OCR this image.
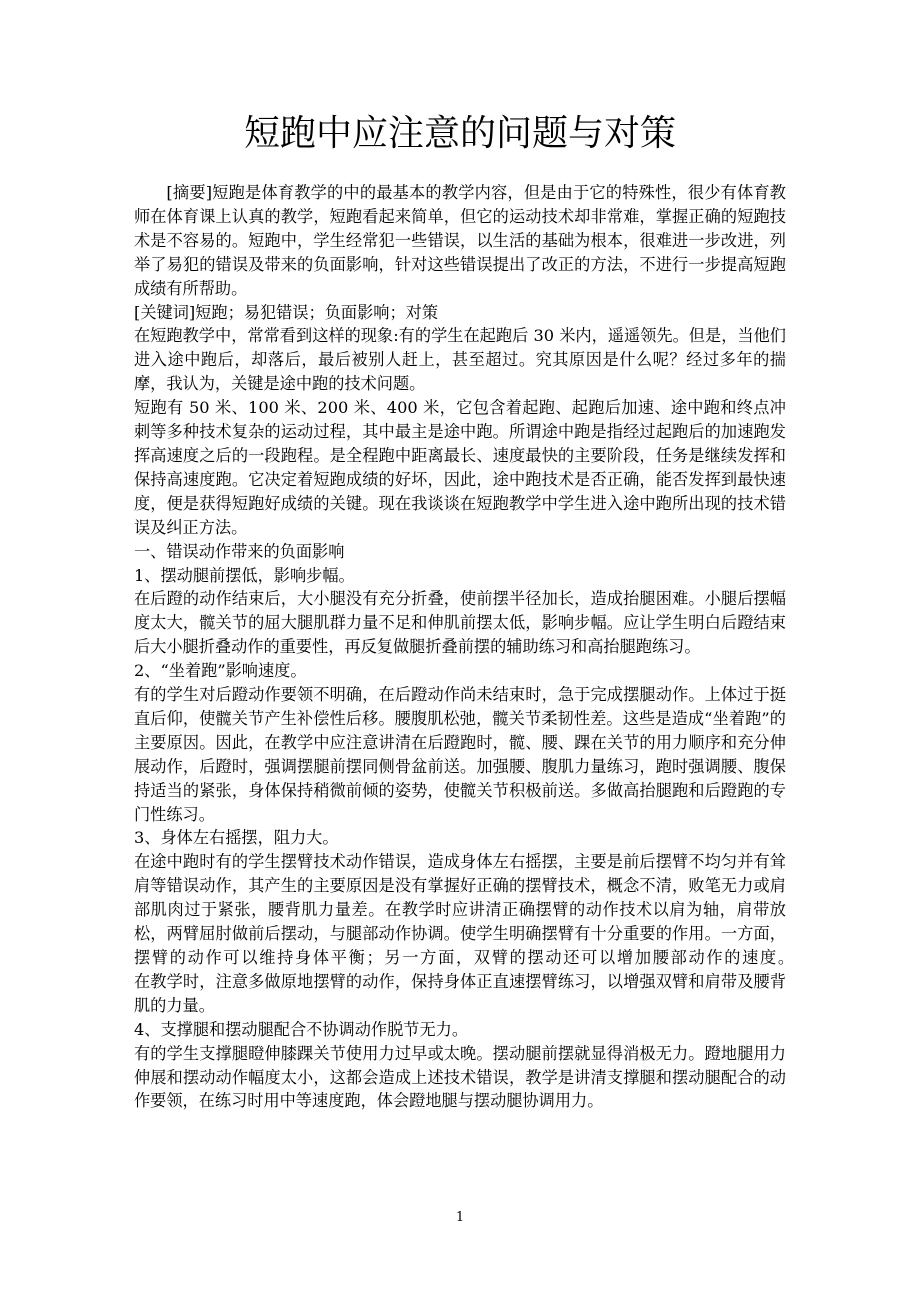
短跑中应注意的问题与对策

[摘要]短跑是体育教学的中的最基本的教学内容，但是由于它的特殊性，很少有体育教师在体育课上认真的教学，短跑看起来简单，但它的运动技术却非常难，掌握正确的短跑技术是不容易的。短跑中，学生经常犯一些错误，以生活的基础为根本，很难进一步改进，列举了易犯的错误及带来的负面影响，针对这些错误提出了改正的方法，不进行一步提高短跑成绩有所帮助。

[关键词]短跑；易犯错误；负面影响；对策

在短跑教学中，常常看到这样的现象:有的学生在起跑后 30 米内，遥遥领先。但是，当他们进入途中跑后，却落后，最后被别人赶上，甚至超过。究其原因是什么呢？经过多年的揣摩，我认为，关键是途中跑的技术问题。

短跑有 50 米、100 米、200 米、400 米，它包含着起跑、起跑后加速、途中跑和终点冲刺等多种技术复杂的运动过程，其中最主是途中跑。所谓途中跑是指经过起跑后的加速跑发挥高速度之后的一段跑程。是全程跑中距离最长、速度最快的主要阶段，任务是继续发挥和保持高速度跑。它决定着短跑成绩的好坏，因此，途中跑技术是否正确，能否发挥到最快速度，便是获得短跑好成绩的关键。现在我谈谈在短跑教学中学生进入途中跑所出现的技术错误及纠正方法。

一、错误动作带来的负面影响

1、摆动腿前摆低，影响步幅。

在后蹬的动作结束后，大小腿没有充分折叠，使前摆半径加长，造成抬腿困难。小腿后摆幅度太大，髋关节的屈大腿肌群力量不足和伸肌前摆太低，影响步幅。应让学生明白后蹬结束后大小腿折叠动作的重要性，再反复做腿折叠前摆的辅助练习和高抬腿跑练习。

2、“坐着跑”影响速度。

有的学生对后蹬动作要领不明确，在后蹬动作尚未结束时，急于完成摆腿动作。上体过于挺直后仰，使髋关节产生补偿性后移。腰腹肌松弛，髋关节柔韧性差。这些是造成“坐着跑”的主要原因。因此，在教学中应注意讲清在后蹬跑时，髋、腰、踝在关节的用力顺序和充分伸展动作，后蹬时，强调摆腿前摆同侧骨盆前送。加强腰、腹肌力量练习，跑时强调腰、腹保持适当的紧张，身体保持稍微前倾的姿势，使髋关节积极前送。多做高抬腿跑和后蹬跑的专门性练习。

3、身体左右摇摆，阻力大。

在途中跑时有的学生摆臂技术动作错误，造成身体左右摇摆，主要是前后摆臂不均匀并有耸肩等错误动作，其产生的主要原因是没有掌握好正确的摆臂技术，概念不清，败笔无力或肩部肌肉过于紧张，腰背肌力量差。在教学时应讲清正确摆臂的动作技术以肩为轴，肩带放松，两臂屈肘做前后摆动，与腿部动作协调。使学生明确摆臂有十分重要的作用。一方面，摆臂的动作可以维持身体平衡；另一方面，双臂的摆动还可以增加腰部动作的速度。　　　在教学时，注意多做原地摆臂的动作，保持身体正直速摆臂练习，以增强双臂和肩带及腰背肌的力量。

4、支撑腿和摆动腿配合不协调动作脱节无力。

有的学生支撑腿瞪伸膝踝关节使用力过早或太晚。摆动腿前摆就显得消极无力。蹬地腿用力伸展和摆动动作幅度太小，这都会造成上述技术错误，教学是讲清支撑腿和摆动腿配合的动作要领，在练习时用中等速度跑，体会蹬地腿与摆动腿协调用力。

1
